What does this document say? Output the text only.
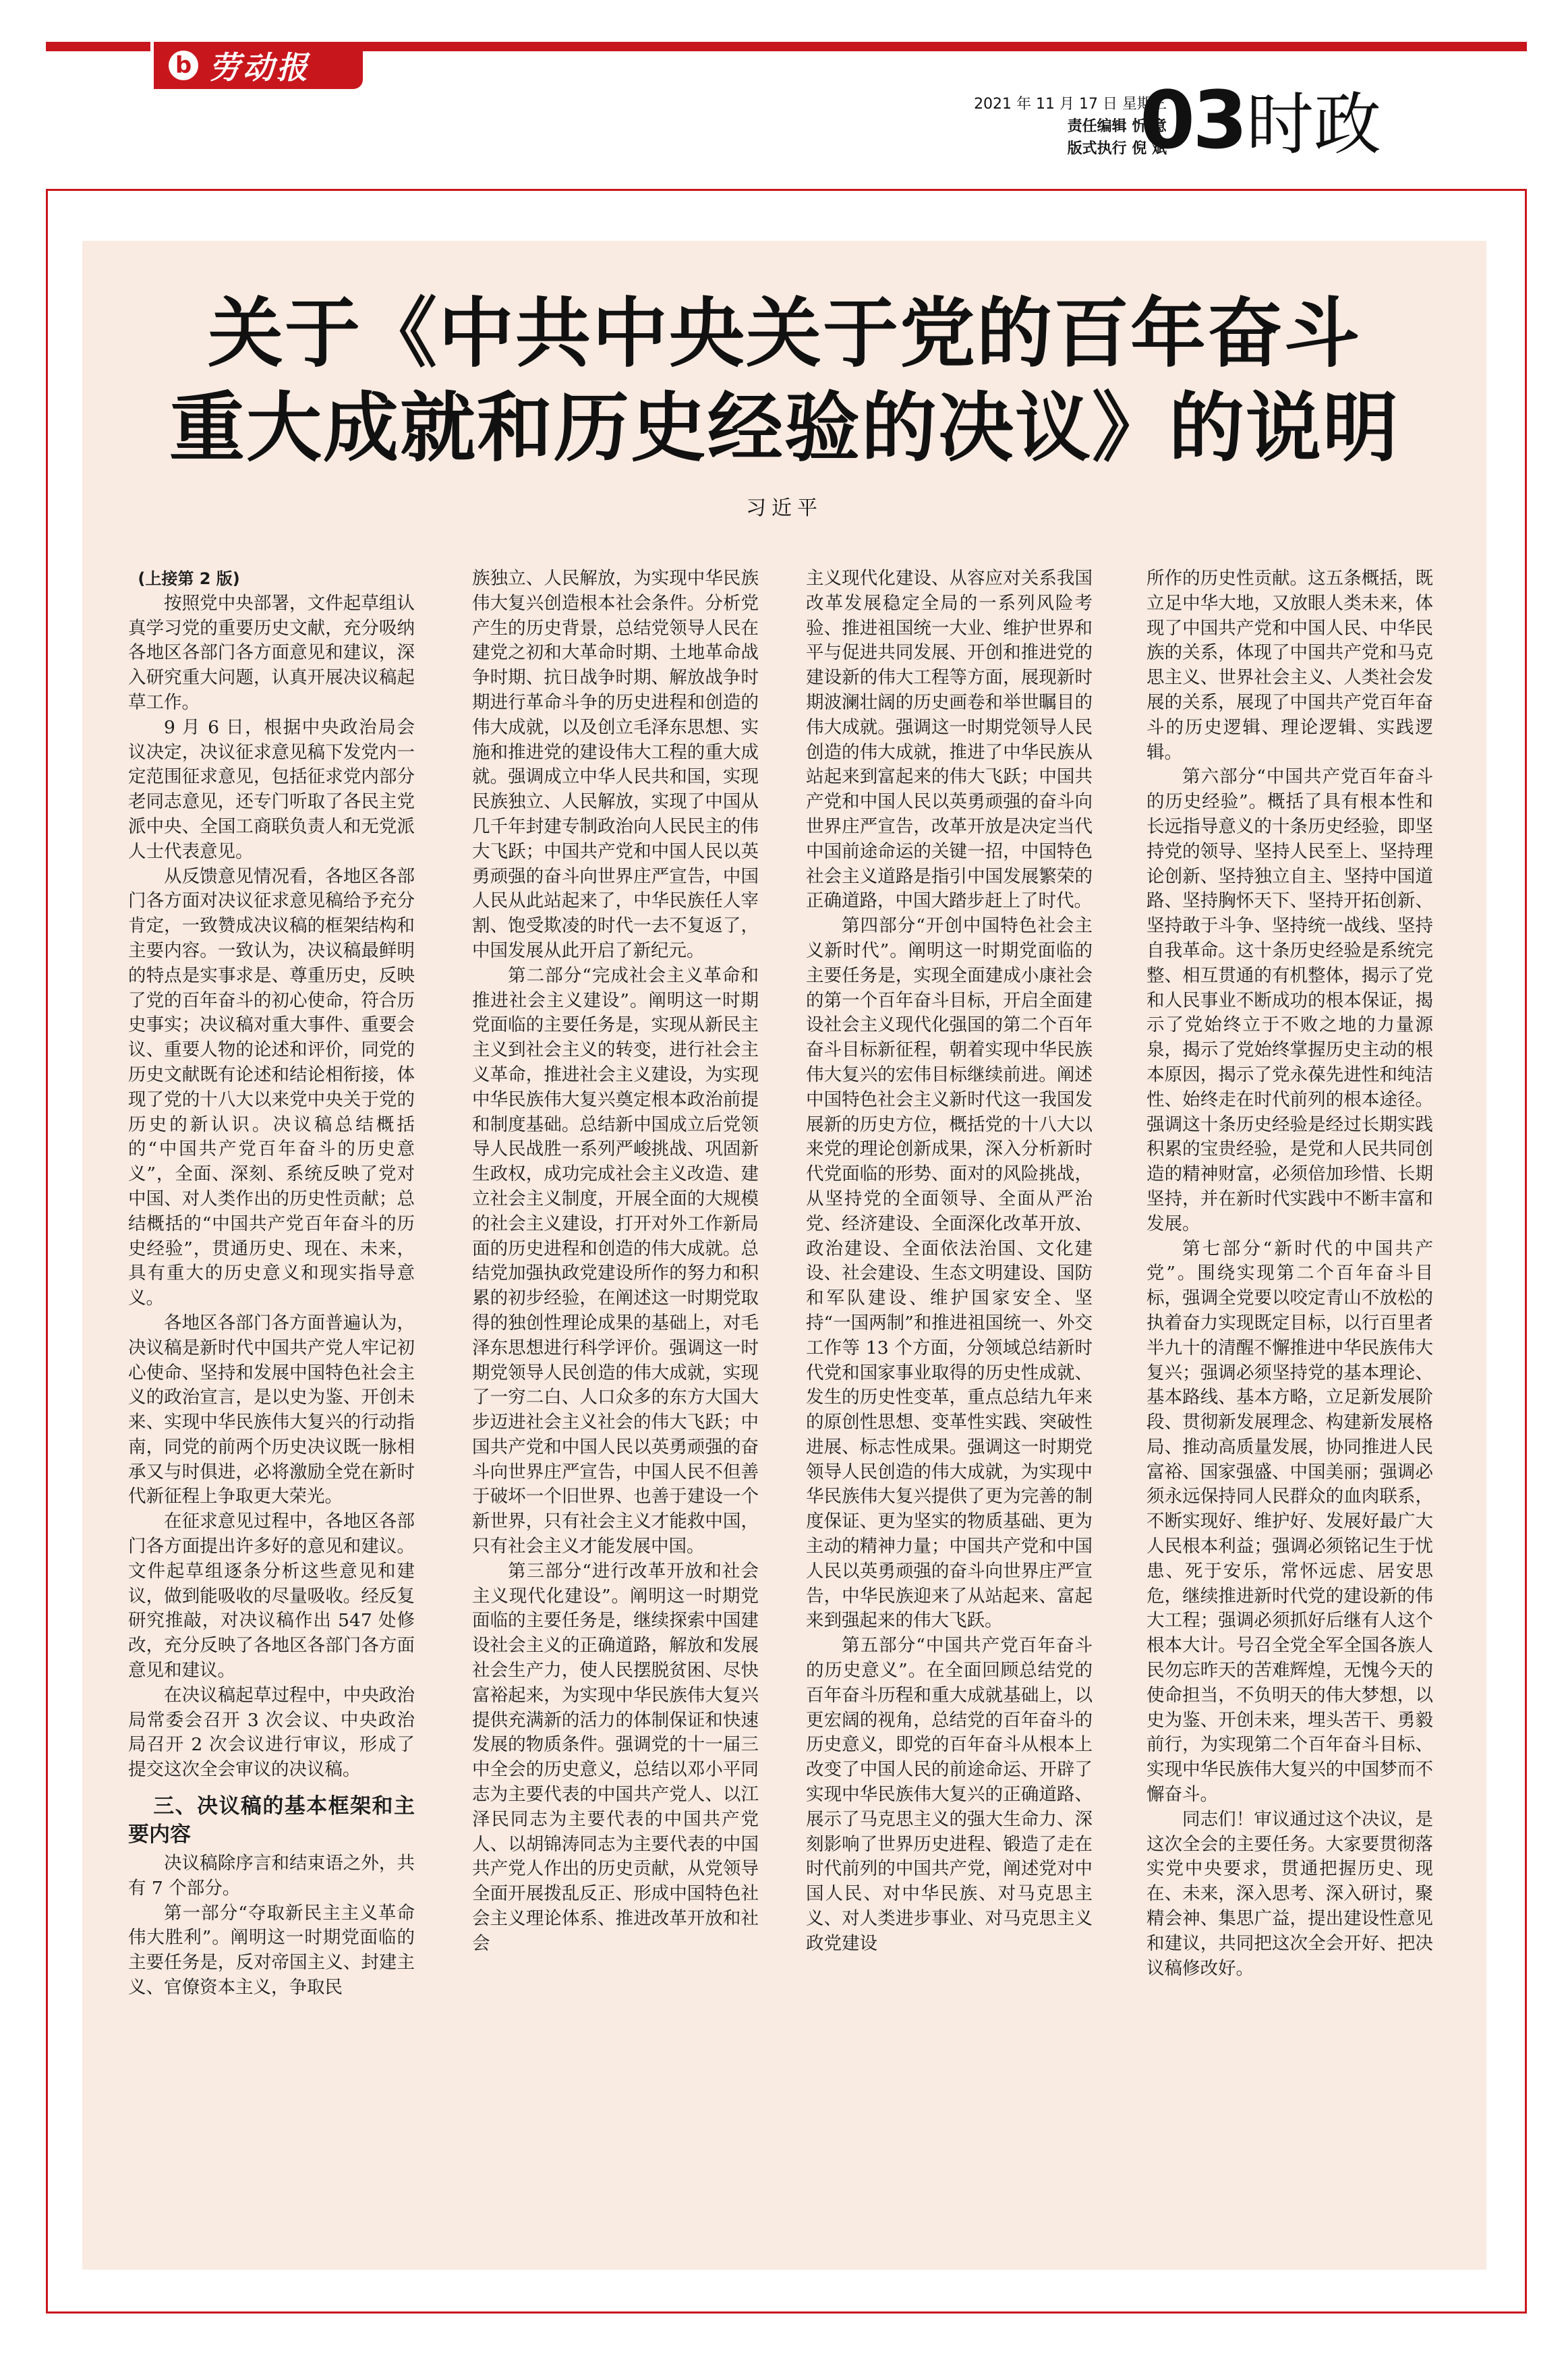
b 劳动报
2021 年 11 月 17 日 星期三
责任编辑 忻 意
版式执行 倪 斌
03 时政
关于《中共中央关于党的百年奋斗
重大成就和历史经验的决议》的说明
习近平

(上接第 2 版)

按照党中央部署，文件起草组认真学习党的重要历史文献，充分吸纳各地区各部门各方面意见和建议，深入研究重大问题，认真开展决议稿起草工作。

9 月 6 日，根据中央政治局会议决定，决议征求意见稿下发党内一定范围征求意见，包括征求党内部分老同志意见，还专门听取了各民主党派中央、全国工商联负责人和无党派人士代表意见。

从反馈意见情况看，各地区各部门各方面对决议征求意见稿给予充分肯定，一致赞成决议稿的框架结构和主要内容。一致认为，决议稿最鲜明的特点是实事求是、尊重历史，反映了党的百年奋斗的初心使命，符合历史事实；决议稿对重大事件、重要会议、重要人物的论述和评价，同党的历史文献既有论述和结论相衔接，体现了党的十八大以来党中央关于党的历史的新认识。决议稿总结概括的“中国共产党百年奋斗的历史意义”，全面、深刻、系统反映了党对中国、对人类作出的历史性贡献；总结概括的“中国共产党百年奋斗的历史经验”，贯通历史、现在、未来，具有重大的历史意义和现实指导意义。

各地区各部门各方面普遍认为，决议稿是新时代中国共产党人牢记初心使命、坚持和发展中国特色社会主义的政治宣言，是以史为鉴、开创未来、实现中华民族伟大复兴的行动指南，同党的前两个历史决议既一脉相承又与时俱进，必将激励全党在新时代新征程上争取更大荣光。

在征求意见过程中，各地区各部门各方面提出许多好的意见和建议。文件起草组逐条分析这些意见和建议，做到能吸收的尽量吸收。经反复研究推敲，对决议稿作出 547 处修改，充分反映了各地区各部门各方面意见和建议。

在决议稿起草过程中，中央政治局常委会召开 3 次会议、中央政治局召开 2 次会议进行审议，形成了提交这次全会审议的决议稿。

三、决议稿的基本框架和主要内容

决议稿除序言和结束语之外，共有 7 个部分。

第一部分“夺取新民主主义革命伟大胜利”。阐明这一时期党面临的主要任务是，反对帝国主义、封建主义、官僚资本主义，争取民

族独立、人民解放，为实现中华民族伟大复兴创造根本社会条件。分析党产生的历史背景，总结党领导人民在建党之初和大革命时期、土地革命战争时期、抗日战争时期、解放战争时期进行革命斗争的历史进程和创造的伟大成就，以及创立毛泽东思想、实施和推进党的建设伟大工程的重大成就。强调成立中华人民共和国，实现民族独立、人民解放，实现了中国从几千年封建专制政治向人民民主的伟大飞跃；中国共产党和中国人民以英勇顽强的奋斗向世界庄严宣告，中国人民从此站起来了，中华民族任人宰割、饱受欺凌的时代一去不复返了，中国发展从此开启了新纪元。

第二部分“完成社会主义革命和推进社会主义建设”。阐明这一时期党面临的主要任务是，实现从新民主主义到社会主义的转变，进行社会主义革命，推进社会主义建设，为实现中华民族伟大复兴奠定根本政治前提和制度基础。总结新中国成立后党领导人民战胜一系列严峻挑战、巩固新生政权，成功完成社会主义改造、建立社会主义制度，开展全面的大规模的社会主义建设，打开对外工作新局面的历史进程和创造的伟大成就。总结党加强执政党建设所作的努力和积累的初步经验，在阐述这一时期党取得的独创性理论成果的基础上，对毛泽东思想进行科学评价。强调这一时期党领导人民创造的伟大成就，实现了一穷二白、人口众多的东方大国大步迈进社会主义社会的伟大飞跃；中国共产党和中国人民以英勇顽强的奋斗向世界庄严宣告，中国人民不但善于破坏一个旧世界、也善于建设一个新世界，只有社会主义才能救中国，只有社会主义才能发展中国。

第三部分“进行改革开放和社会主义现代化建设”。阐明这一时期党面临的主要任务是，继续探索中国建设社会主义的正确道路，解放和发展社会生产力，使人民摆脱贫困、尽快富裕起来，为实现中华民族伟大复兴提供充满新的活力的体制保证和快速发展的物质条件。强调党的十一届三中全会的历史意义，总结以邓小平同志为主要代表的中国共产党人、以江泽民同志为主要代表的中国共产党人、以胡锦涛同志为主要代表的中国共产党人作出的历史贡献，从党领导全面开展拨乱反正、形成中国特色社会主义理论体系、推进改革开放和社会

主义现代化建设、从容应对关系我国改革发展稳定全局的一系列风险考验、推进祖国统一大业、维护世界和平与促进共同发展、开创和推进党的建设新的伟大工程等方面，展现新时期波澜壮阔的历史画卷和举世瞩目的伟大成就。强调这一时期党领导人民创造的伟大成就，推进了中华民族从站起来到富起来的伟大飞跃；中国共产党和中国人民以英勇顽强的奋斗向世界庄严宣告，改革开放是决定当代中国前途命运的关键一招，中国特色社会主义道路是指引中国发展繁荣的正确道路，中国大踏步赶上了时代。

第四部分“开创中国特色社会主义新时代”。阐明这一时期党面临的主要任务是，实现全面建成小康社会的第一个百年奋斗目标，开启全面建设社会主义现代化强国的第二个百年奋斗目标新征程，朝着实现中华民族伟大复兴的宏伟目标继续前进。阐述中国特色社会主义新时代这一我国发展新的历史方位，概括党的十八大以来党的理论创新成果，深入分析新时代党面临的形势、面对的风险挑战，从坚持党的全面领导、全面从严治党、经济建设、全面深化改革开放、政治建设、全面依法治国、文化建设、社会建设、生态文明建设、国防和军队建设、维护国家安全、坚持“一国两制”和推进祖国统一、外交工作等 13 个方面，分领域总结新时代党和国家事业取得的历史性成就、发生的历史性变革，重点总结九年来的原创性思想、变革性实践、突破性进展、标志性成果。强调这一时期党领导人民创造的伟大成就，为实现中华民族伟大复兴提供了更为完善的制度保证、更为坚实的物质基础、更为主动的精神力量；中国共产党和中国人民以英勇顽强的奋斗向世界庄严宣告，中华民族迎来了从站起来、富起来到强起来的伟大飞跃。

第五部分“中国共产党百年奋斗的历史意义”。在全面回顾总结党的百年奋斗历程和重大成就基础上，以更宏阔的视角，总结党的百年奋斗的历史意义，即党的百年奋斗从根本上改变了中国人民的前途命运、开辟了实现中华民族伟大复兴的正确道路、展示了马克思主义的强大生命力、深刻影响了世界历史进程、锻造了走在时代前列的中国共产党，阐述党对中国人民、对中华民族、对马克思主义、对人类进步事业、对马克思主义政党建设

所作的历史性贡献。这五条概括，既立足中华大地，又放眼人类未来，体现了中国共产党和中国人民、中华民族的关系，体现了中国共产党和马克思主义、世界社会主义、人类社会发展的关系，展现了中国共产党百年奋斗的历史逻辑、理论逻辑、实践逻辑。

第六部分“中国共产党百年奋斗的历史经验”。概括了具有根本性和长远指导意义的十条历史经验，即坚持党的领导、坚持人民至上、坚持理论创新、坚持独立自主、坚持中国道路、坚持胸怀天下、坚持开拓创新、坚持敢于斗争、坚持统一战线、坚持自我革命。这十条历史经验是系统完整、相互贯通的有机整体，揭示了党和人民事业不断成功的根本保证，揭示了党始终立于不败之地的力量源泉，揭示了党始终掌握历史主动的根本原因，揭示了党永葆先进性和纯洁性、始终走在时代前列的根本途径。强调这十条历史经验是经过长期实践积累的宝贵经验，是党和人民共同创造的精神财富，必须倍加珍惜、长期坚持，并在新时代实践中不断丰富和发展。

第七部分“新时代的中国共产党”。围绕实现第二个百年奋斗目标，强调全党要以咬定青山不放松的执着奋力实现既定目标，以行百里者半九十的清醒不懈推进中华民族伟大复兴；强调必须坚持党的基本理论、基本路线、基本方略，立足新发展阶段、贯彻新发展理念、构建新发展格局、推动高质量发展，协同推进人民富裕、国家强盛、中国美丽；强调必须永远保持同人民群众的血肉联系，不断实现好、维护好、发展好最广大人民根本利益；强调必须铭记生于忧患、死于安乐，常怀远虑、居安思危，继续推进新时代党的建设新的伟大工程；强调必须抓好后继有人这个根本大计。号召全党全军全国各族人民勿忘昨天的苦难辉煌，无愧今天的使命担当，不负明天的伟大梦想，以史为鉴、开创未来，埋头苦干、勇毅前行，为实现第二个百年奋斗目标、实现中华民族伟大复兴的中国梦而不懈奋斗。

同志们！审议通过这个决议，是这次全会的主要任务。大家要贯彻落实党中央要求，贯通把握历史、现在、未来，深入思考、深入研讨，聚精会神、集思广益，提出建设性意见和建议，共同把这次全会开好、把决议稿修改好。
